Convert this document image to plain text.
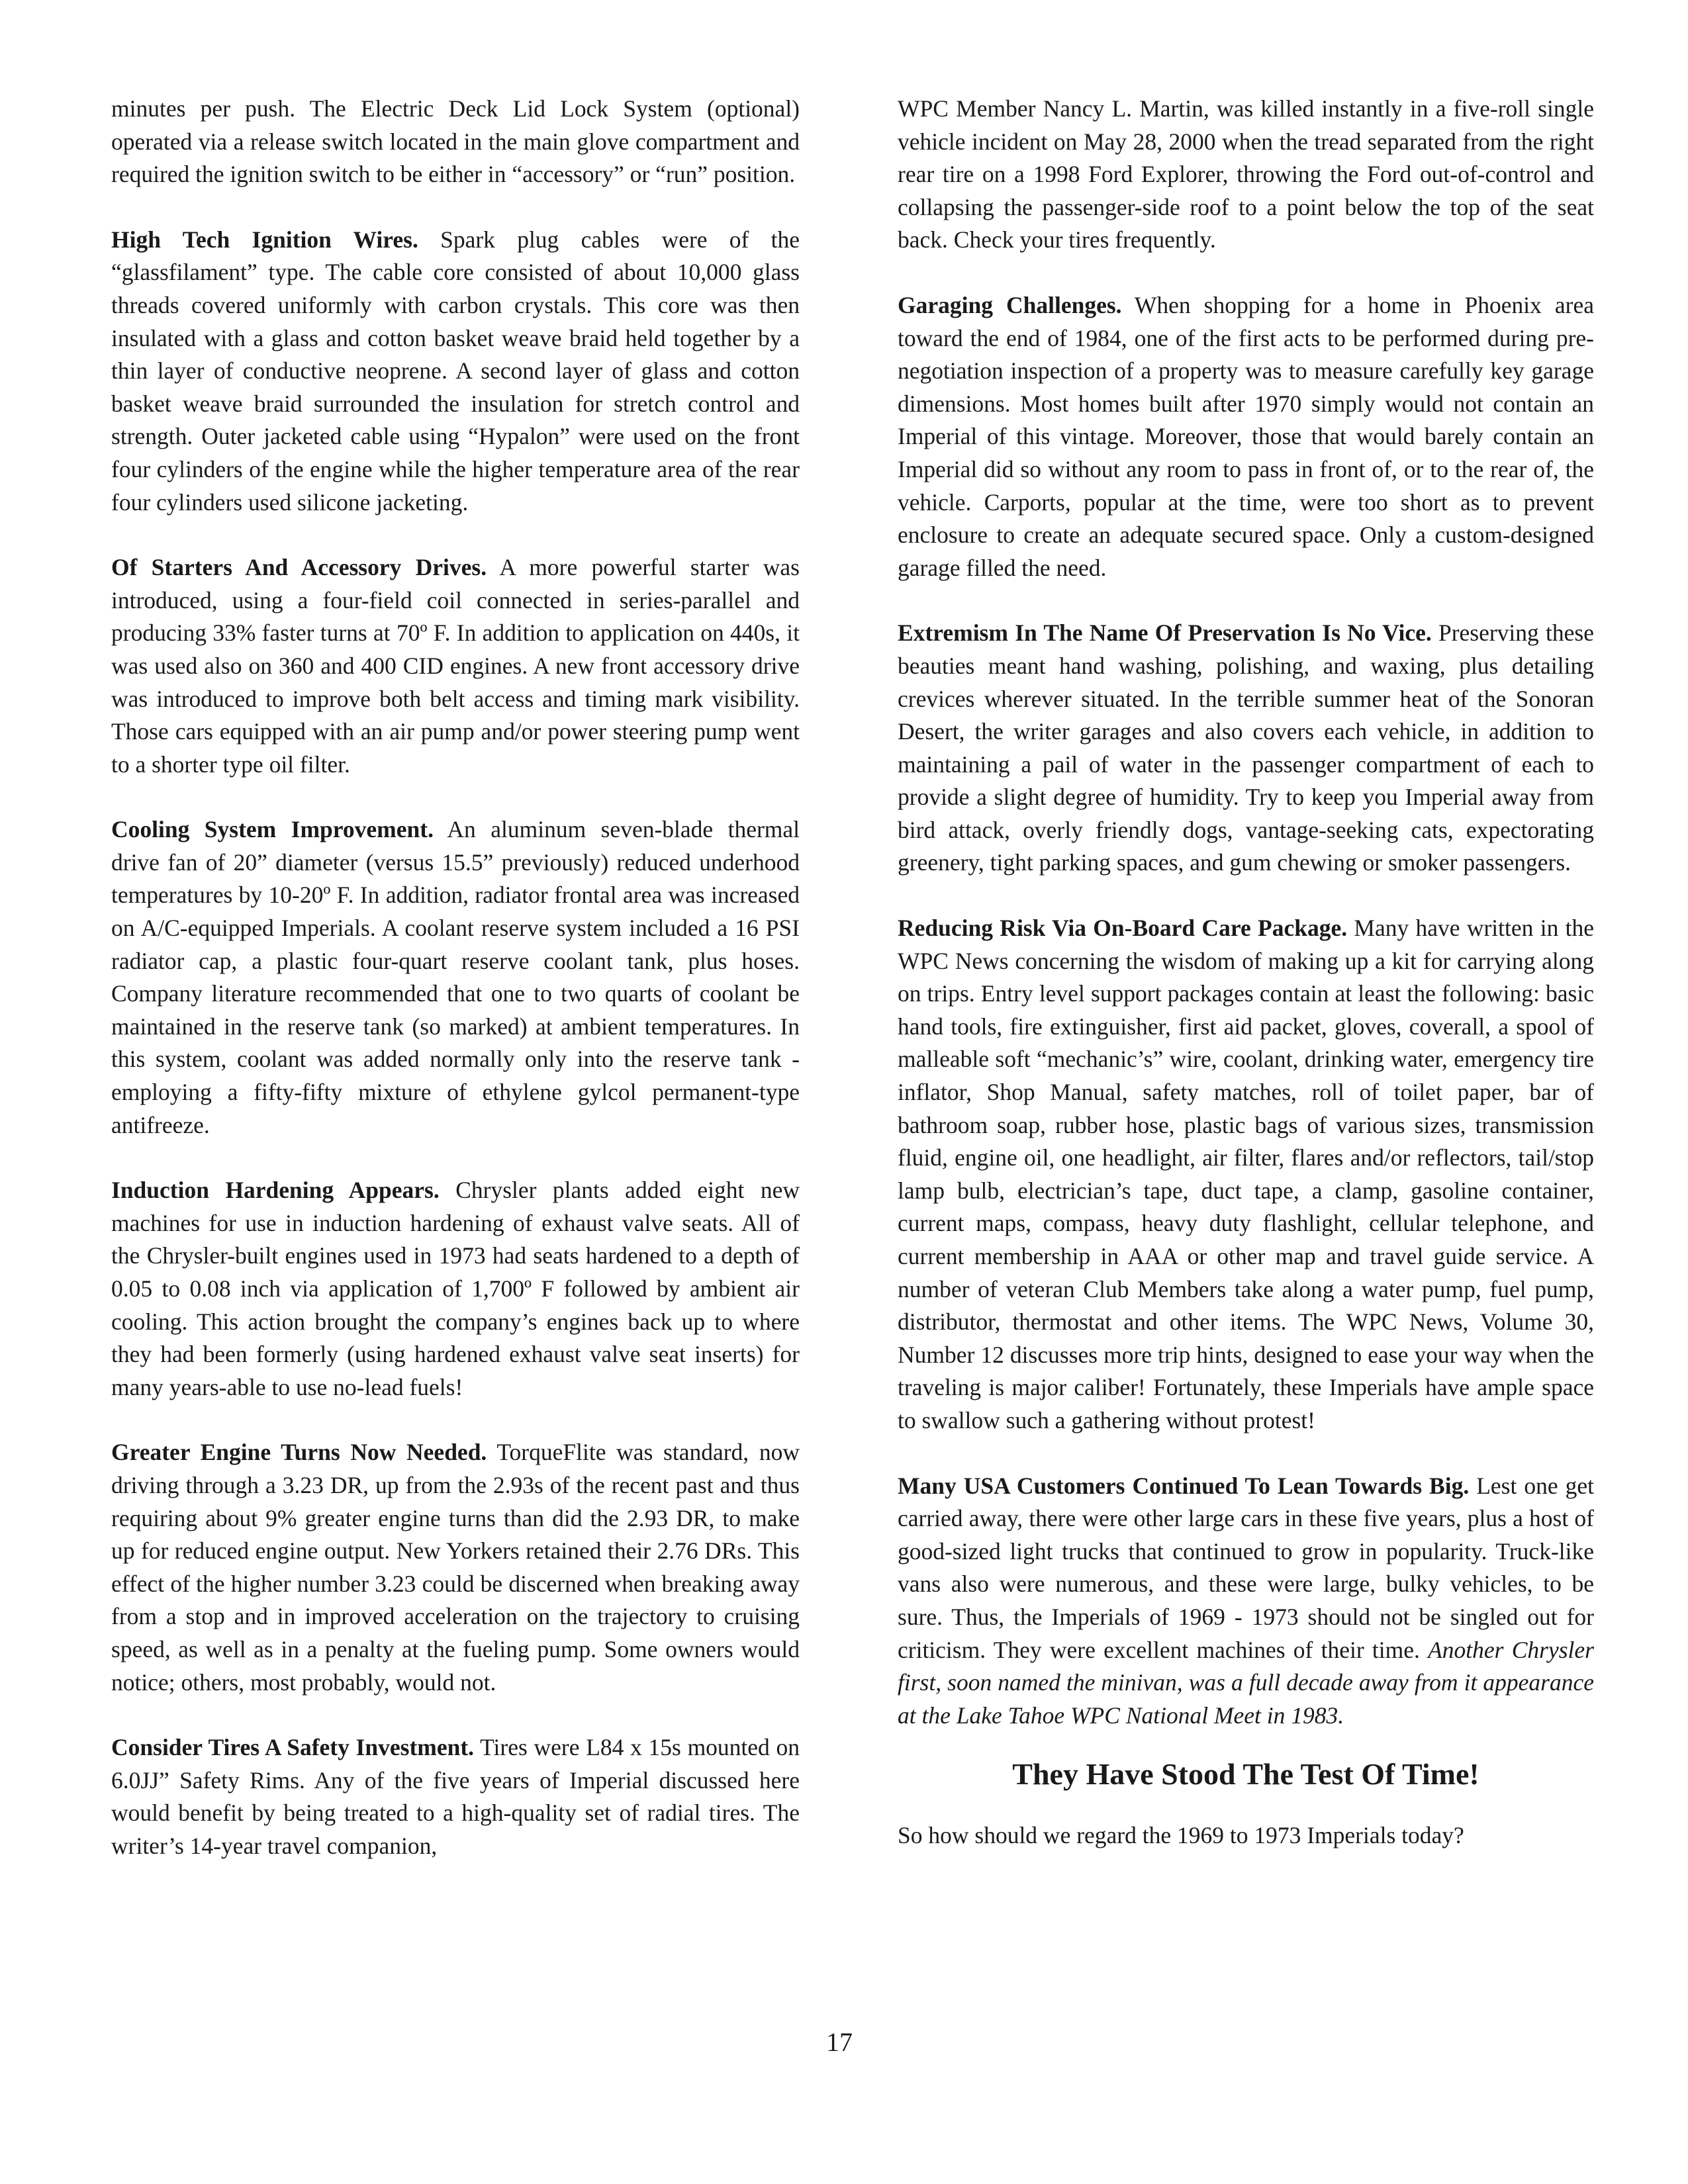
minutes per push. The Electric Deck Lid Lock System (optional) operated via a release switch located in the main glove compartment and required the ignition switch to be either in “accessory” or “run” position.

High Tech Ignition Wires. Spark plug cables were of the “glassfilament” type. The cable core consisted of about 10,000 glass threads covered uniformly with carbon crystals. This core was then insulated with a glass and cotton basket weave braid held together by a thin layer of conductive neoprene. A second layer of glass and cotton basket weave braid surrounded the insulation for stretch control and strength. Outer jacketed cable using “Hypalon” were used on the front four cylinders of the engine while the higher temperature area of the rear four cylinders used silicone jacketing.

Of Starters And Accessory Drives. A more powerful starter was introduced, using a four-field coil connected in series-parallel and producing 33% faster turns at 70º F. In addition to application on 440s, it was used also on 360 and 400 CID engines. A new front accessory drive was introduced to improve both belt access and timing mark visibility. Those cars equipped with an air pump and/or power steering pump went to a shorter type oil filter.

Cooling System Improvement. An aluminum seven-blade thermal drive fan of 20” diameter (versus 15.5” previously) reduced underhood temperatures by 10-20º F. In addition, radiator frontal area was increased on A/C-equipped Imperials. A coolant reserve system included a 16 PSI radiator cap, a plastic four-quart reserve coolant tank, plus hoses. Company literature recommended that one to two quarts of coolant be maintained in the reserve tank (so marked) at ambient temperatures. In this system, coolant was added normally only into the reserve tank - employing a fifty-fifty mixture of ethylene gylcol permanent-type antifreeze.

Induction Hardening Appears. Chrysler plants added eight new machines for use in induction hardening of exhaust valve seats. All of the Chrysler-built engines used in 1973 had seats hardened to a depth of 0.05 to 0.08 inch via application of 1,700º F followed by ambient air cooling. This action brought the company’s engines back up to where they had been formerly (using hardened exhaust valve seat inserts) for many years-able to use no-lead fuels!

Greater Engine Turns Now Needed. TorqueFlite was standard, now driving through a 3.23 DR, up from the 2.93s of the recent past and thus requiring about 9% greater engine turns than did the 2.93 DR, to make up for reduced engine output. New Yorkers retained their 2.76 DRs. This effect of the higher number 3.23 could be discerned when breaking away from a stop and in improved acceleration on the trajectory to cruising speed, as well as in a penalty at the fueling pump. Some owners would notice; others, most probably, would not.

Consider Tires A Safety Investment. Tires were L84 x 15s mounted on 6.0JJ” Safety Rims. Any of the five years of Imperial discussed here would benefit by being treated to a high-quality set of radial tires. The writer’s 14-year travel companion,

WPC Member Nancy L. Martin, was killed instantly in a five-roll single vehicle incident on May 28, 2000 when the tread separated from the right rear tire on a 1998 Ford Explorer, throwing the Ford out-of-control and collapsing the passenger-side roof to a point below the top of the seat back. Check your tires frequently.

Garaging Challenges. When shopping for a home in Phoenix area toward the end of 1984, one of the first acts to be performed during pre-negotiation inspection of a property was to measure carefully key garage dimensions. Most homes built after 1970 simply would not contain an Imperial of this vintage. Moreover, those that would barely contain an Imperial did so without any room to pass in front of, or to the rear of, the vehicle. Carports, popular at the time, were too short as to prevent enclosure to create an adequate secured space. Only a custom-designed garage filled the need.

Extremism In The Name Of Preservation Is No Vice. Preserving these beauties meant hand washing, polishing, and waxing, plus detailing crevices wherever situated. In the terrible summer heat of the Sonoran Desert, the writer garages and also covers each vehicle, in addition to maintaining a pail of water in the passenger compartment of each to provide a slight degree of humidity. Try to keep you Imperial away from bird attack, overly friendly dogs, vantage-seeking cats, expectorating greenery, tight parking spaces, and gum chewing or smoker passengers.

Reducing Risk Via On-Board Care Package. Many have written in the WPC News concerning the wisdom of making up a kit for carrying along on trips. Entry level support packages contain at least the following: basic hand tools, fire extinguisher, first aid packet, gloves, coverall, a spool of malleable soft “mechanic’s” wire, coolant, drinking water, emergency tire inflator, Shop Manual, safety matches, roll of toilet paper, bar of bathroom soap, rubber hose, plastic bags of various sizes, transmission fluid, engine oil, one headlight, air filter, flares and/or reflectors, tail/stop lamp bulb, electrician’s tape, duct tape, a clamp, gasoline container, current maps, compass, heavy duty flashlight, cellular telephone, and current membership in AAA or other map and travel guide service. A number of veteran Club Members take along a water pump, fuel pump, distributor, thermostat and other items. The WPC News, Volume 30, Number 12 discusses more trip hints, designed to ease your way when the traveling is major caliber! Fortunately, these Imperials have ample space to swallow such a gathering without protest!

Many USA Customers Continued To Lean Towards Big. Lest one get carried away, there were other large cars in these five years, plus a host of good-sized light trucks that continued to grow in popularity. Truck-like vans also were numerous, and these were large, bulky vehicles, to be sure. Thus, the Imperials of 1969 - 1973 should not be singled out for criticism. They were excellent machines of their time. Another Chrysler first, soon named the minivan, was a full decade away from it appearance at the Lake Tahoe WPC National Meet in 1983.

They Have Stood The Test Of Time!

So how should we regard the 1969 to 1973 Imperials today?

17
